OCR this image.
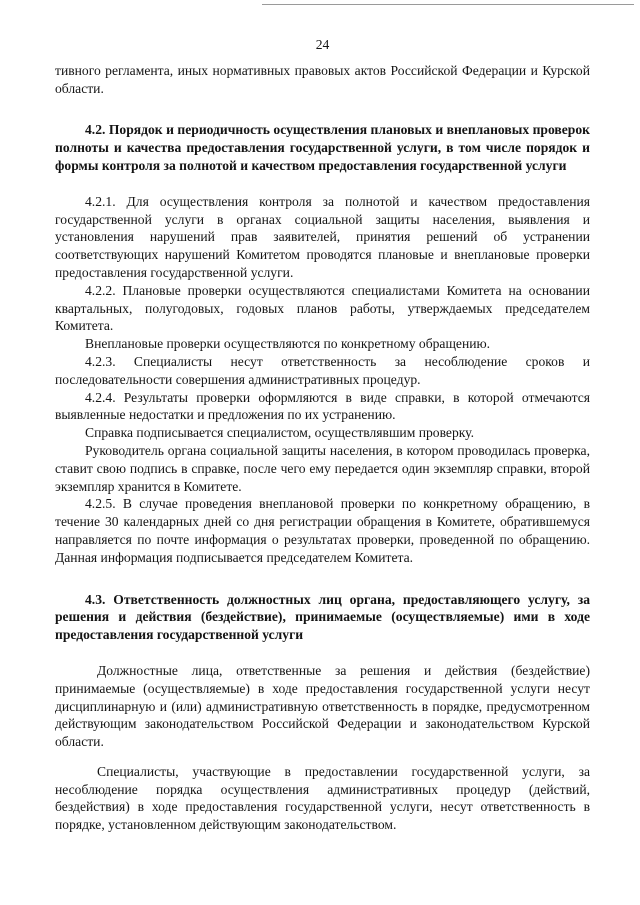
24

тивного регламента, иных нормативных правовых актов Российской Федерации и Курской области.

4.2. Порядок и периодичность осуществления плановых и внеплановых проверок полноты и качества предоставления государственной услуги, в том числе порядок и формы контроля за полнотой и качеством предоставления государственной услуги

4.2.1. Для осуществления контроля за полнотой и качеством предоставления государственной услуги в органах социальной защиты населения, выявления и установления нарушений прав заявителей, принятия решений об устранении соответствующих нарушений Комитетом проводятся плановые и внеплановые проверки предоставления государственной услуги.

4.2.2. Плановые проверки осуществляются специалистами Комитета на основании квартальных, полугодовых, годовых планов работы, утверждаемых председателем Комитета.

Внеплановые проверки осуществляются по конкретному обращению.

4.2.3. Специалисты несут ответственность за несоблюдение сроков и последовательности совершения административных процедур.

4.2.4. Результаты проверки оформляются в виде справки, в которой отмечаются выявленные недостатки и предложения по их устранению.

Справка подписывается специалистом, осуществлявшим проверку.

Руководитель органа социальной защиты населения, в котором проводилась проверка, ставит свою подпись в справке, после чего ему передается один экземпляр справки, второй экземпляр хранится в Комитете.

4.2.5. В случае проведения внеплановой проверки по конкретному обращению, в течение 30 календарных дней со дня регистрации обращения в Комитете, обратившемуся направляется по почте информация о результатах проверки, проведенной по обращению. Данная информация подписывается председателем Комитета.

4.3. Ответственность должностных лиц органа, предоставляющего услугу, за решения и действия (бездействие), принимаемые (осуществляемые) ими в ходе предоставления государственной услуги

Должностные лица, ответственные за решения и действия (бездействие) принимаемые (осуществляемые) в ходе предоставления государственной услуги несут дисциплинарную и (или) административную ответственность в порядке, предусмотренном действующим законодательством Российской Федерации и законодательством Курской области.

Специалисты, участвующие в предоставлении государственной услуги, за несоблюдение порядка осуществления административных процедур (действий, бездействия) в ходе предоставления государственной услуги, несут ответственность в порядке, установленном действующим законодательством.
